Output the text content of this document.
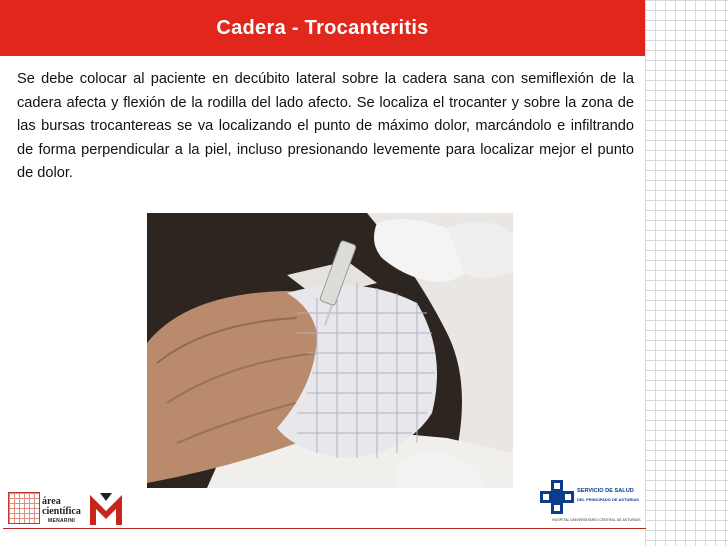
Cadera - Trocanteritis

Se debe colocar al paciente en decúbito lateral sobre la cadera sana con semiflexión de la cadera afecta y flexión de la rodilla del lado afecto. Se localiza el trocanter y sobre la zona de las bursas trocantereas se va localizando el punto de máximo dolor, marcándolo e infiltrando de forma perpendicular a la piel, incluso presionando levemente para localizar mejor el punto de dolor.

área
científica
MENARINI
SERVICIO DE SALUD
DEL PRINCIPADO DE ASTURIAS
HOSPITAL UNIVERSITARIO CENTRAL DE ASTURIAS
